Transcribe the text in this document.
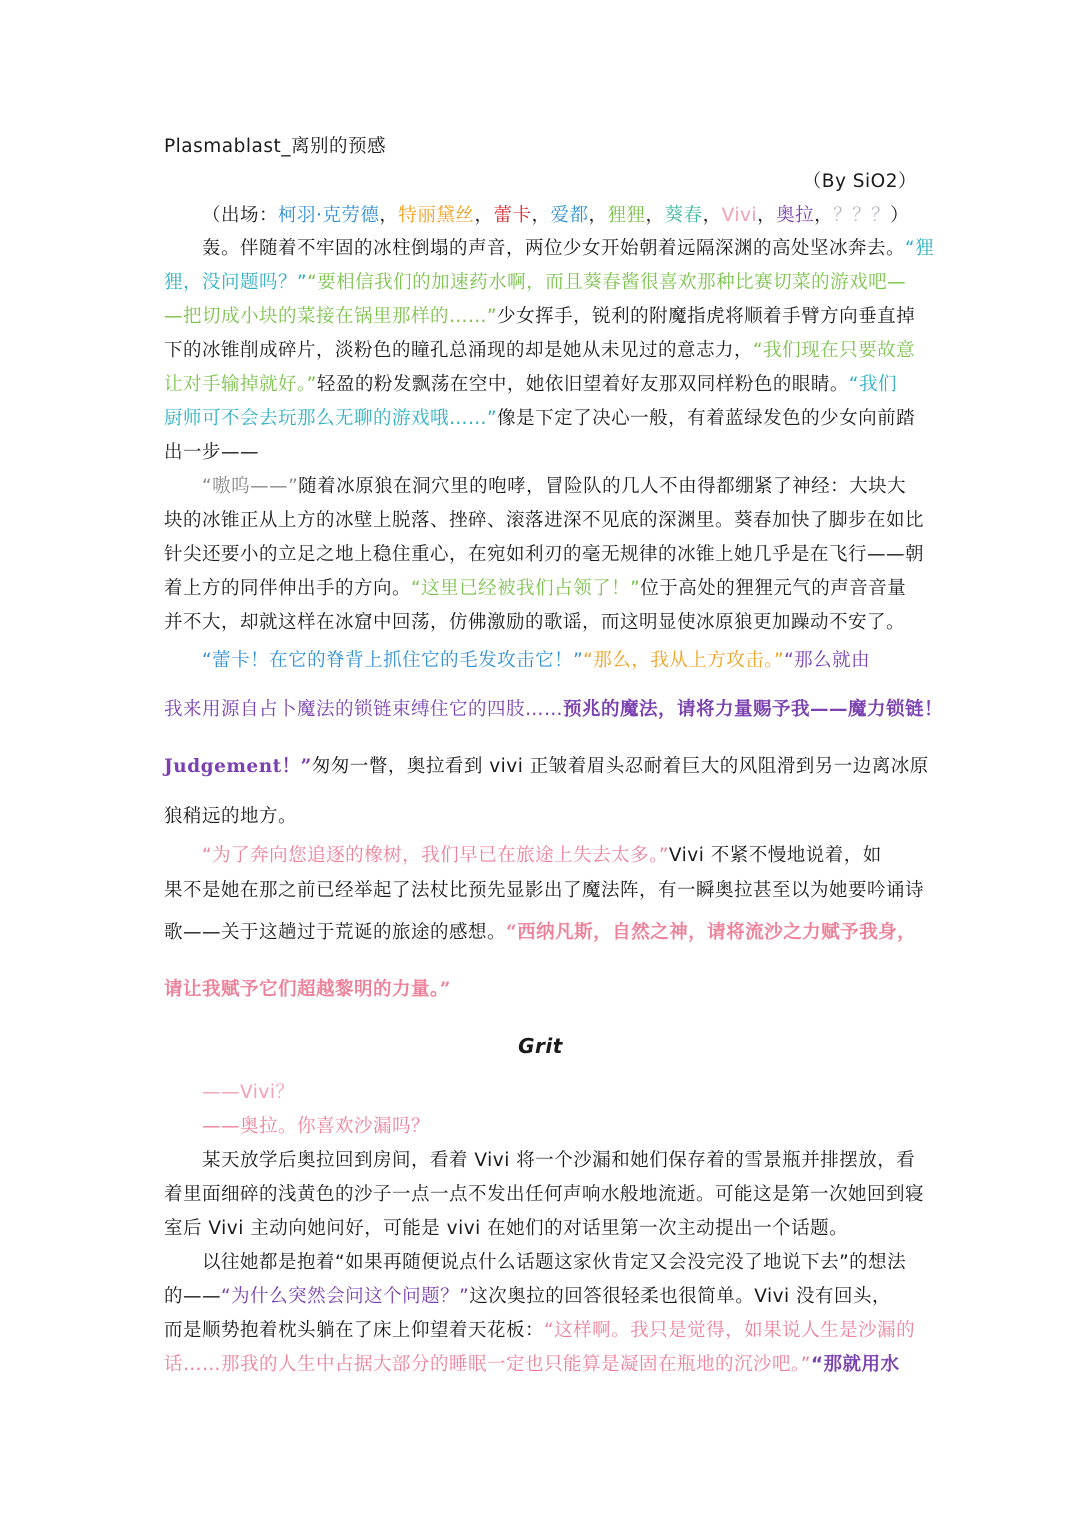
Plasmablast_离别的预感
（By SiO2）
（出场：柯羽·克劳德，特丽黛丝，蕾卡，爱都，狸狸，葵春，Vivi，奥拉，？？？）
轰。伴随着不牢固的冰柱倒塌的声音，两位少女开始朝着远隔深渊的高处坚冰奔去。“狸
狸，没问题吗？”“要相信我们的加速药水啊，而且葵春酱很喜欢那种比赛切菜的游戏吧—
—把切成小块的菜接在锅里那样的……”少女挥手，锐利的附魔指虎将顺着手臂方向垂直掉
下的冰锥削成碎片，淡粉色的瞳孔总涌现的却是她从未见过的意志力，“我们现在只要故意
让对手输掉就好。”轻盈的粉发飘荡在空中，她依旧望着好友那双同样粉色的眼睛。“我们
厨师可不会去玩那么无聊的游戏哦……”像是下定了决心一般，有着蓝绿发色的少女向前踏
出一步——
“嗷呜——”随着冰原狼在洞穴里的咆哮，冒险队的几人不由得都绷紧了神经：大块大
块的冰锥正从上方的冰壁上脱落、挫碎、滚落进深不见底的深渊里。葵春加快了脚步在如比
针尖还要小的立足之地上稳住重心，在宛如利刃的毫无规律的冰锥上她几乎是在飞行——朝
着上方的同伴伸出手的方向。“这里已经被我们占领了！”位于高处的狸狸元气的声音音量
并不大，却就这样在冰窟中回荡，仿佛激励的歌谣，而这明显使冰原狼更加躁动不安了。
“蕾卡！在它的脊背上抓住它的毛发攻击它！”“那么，我从上方攻击。”“那么就由
我来用源自占卜魔法的锁链束缚住它的四肢……预兆的魔法，请将力量赐予我——魔力锁链！
Judgement！”匆匆一瞥，奥拉看到 vivi 正皱着眉头忍耐着巨大的风阻滑到另一边离冰原
狼稍远的地方。
“为了奔向您追逐的橡树，我们早已在旅途上失去太多。”Vivi 不紧不慢地说着，如
果不是她在那之前已经举起了法杖比预先显影出了魔法阵，有一瞬奥拉甚至以为她要吟诵诗
歌——关于这趟过于荒诞的旅途的感想。“西纳凡斯，自然之神，请将流沙之力赋予我身，
请让我赋予它们超越黎明的力量。”
Grit
——Vivi？
——奥拉。你喜欢沙漏吗？
某天放学后奥拉回到房间，看着 Vivi 将一个沙漏和她们保存着的雪景瓶并排摆放，看
着里面细碎的浅黄色的沙子一点一点不发出任何声响水般地流逝。可能这是第一次她回到寝
室后 Vivi 主动向她问好，可能是 vivi 在她们的对话里第一次主动提出一个话题。
以往她都是抱着“如果再随便说点什么话题这家伙肯定又会没完没了地说下去”的想法
的——“为什么突然会问这个问题？”这次奥拉的回答很轻柔也很简单。Vivi 没有回头，
而是顺势抱着枕头躺在了床上仰望着天花板：“这样啊。我只是觉得，如果说人生是沙漏的
话……那我的人生中占据大部分的睡眠一定也只能算是凝固在瓶地的沉沙吧。”“那就用水
